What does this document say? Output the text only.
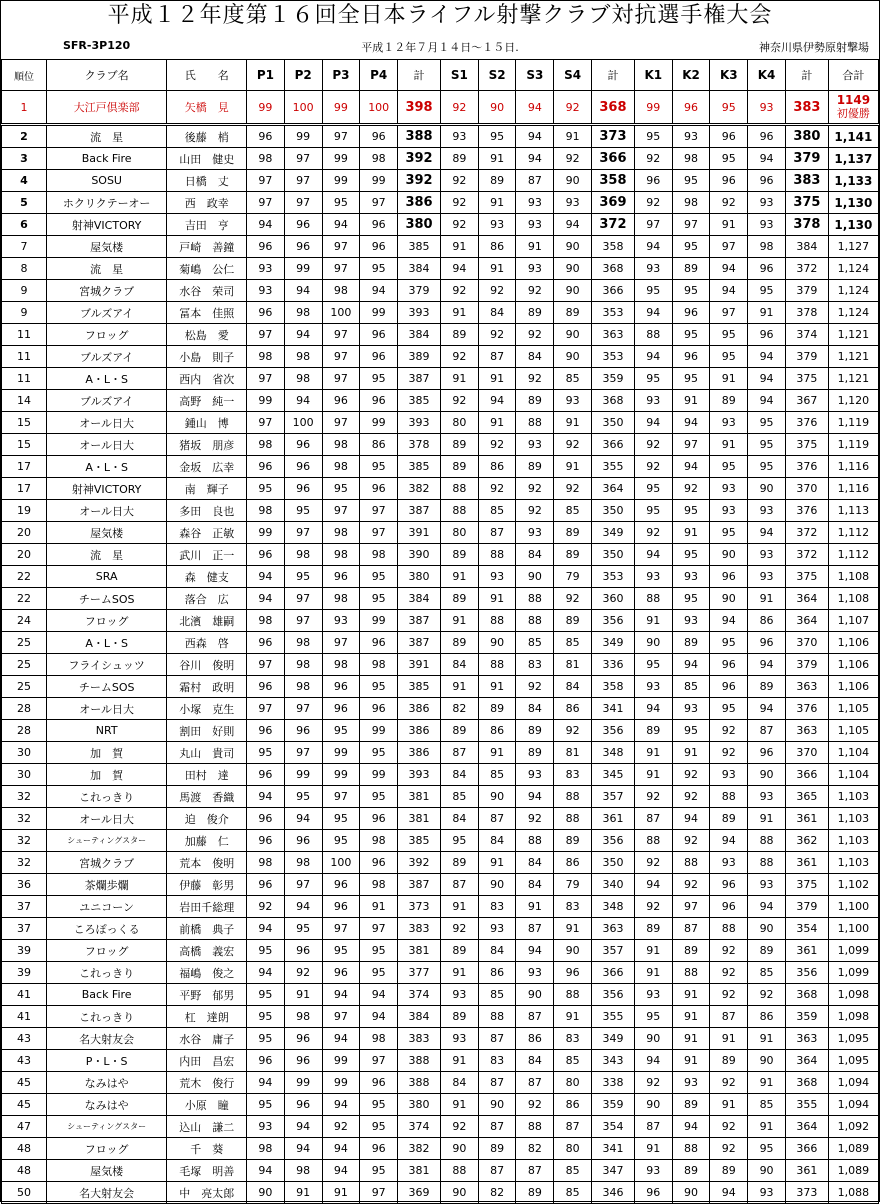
平成１２年度第１６回全日本ライフル射撃クラブ対抗選手権大会
SFR-3P120	平成１２年７月１４日～１５日.	神奈川県伊勢原射撃場
順位	クラブ名	氏　　名	P1	P2	P3	P4	計	S1	S2	S3	S4	計	K1	K2	K3	K4	計	合計
1	大江戸倶楽部	矢橋　見	99	100	99	100	398	92	90	94	92	368	99	96	95	93	383	1149
初優勝

2	流　星	後藤　梢	96	99	97	96	388	93	95	94	91	373	95	93	96	96	380	1,141
3	Back Fire	山田　健史	98	97	99	98	392	89	91	94	92	366	92	98	95	94	379	1,137
4	SOSU	日橋　丈	97	97	99	99	392	92	89	87	90	358	96	95	96	96	383	1,133
5	ホクリクテーオー	西　政幸	97	97	95	97	386	92	91	93	93	369	92	98	92	93	375	1,130
6	射神VICTORY	吉田　亨	94	96	94	96	380	92	93	93	94	372	97	97	91	93	378	1,130
7	屋気楼	戸崎　善鐘	96	96	97	96	385	91	86	91	90	358	94	95	97	98	384	1,127
8	流　星	菊嶋　公仁	93	99	97	95	384	94	91	93	90	368	93	89	94	96	372	1,124
9	宮城クラブ	水谷　荣司	93	94	98	94	379	92	92	92	90	366	95	95	94	95	379	1,124
9	ブルズアイ	冨本　佳照	96	98	100	99	393	91	84	89	89	353	94	96	97	91	378	1,124
11	フロッグ	松島　愛	97	94	97	96	384	89	92	92	90	363	88	95	95	96	374	1,121
11	ブルズアイ	小島　則子	98	98	97	96	389	92	87	84	90	353	94	96	95	94	379	1,121
11	A・L・S	西内　省次	97	98	97	95	387	91	91	92	85	359	95	95	91	94	375	1,121
14	ブルズアイ	高野　純一	99	94	96	96	385	92	94	89	93	368	93	91	89	94	367	1,120
15	オール日大	鍾山　博	97	100	97	99	393	80	91	88	91	350	94	94	93	95	376	1,119
15	オール日大	猪坂　朋彦	98	96	98	86	378	89	92	93	92	366	92	97	91	95	375	1,119
17	A・L・S	金坂　広幸	96	96	98	95	385	89	86	89	91	355	92	94	95	95	376	1,116
17	射神VICTORY	南　輝子	95	96	95	96	382	88	92	92	92	364	95	92	93	90	370	1,116
19	オール日大	多田　良也	98	95	97	97	387	88	85	92	85	350	95	95	93	93	376	1,113
20	屋気楼	森谷　正敏	99	97	98	97	391	80	87	93	89	349	92	91	95	94	372	1,112
20	流　星	武川　正一	96	98	98	98	390	89	88	84	89	350	94	95	90	93	372	1,112
22	SRA	森　健支	94	95	96	95	380	91	93	90	79	353	93	93	96	93	375	1,108
22	チームSOS	落合　広	94	97	98	95	384	89	91	88	92	360	88	95	90	91	364	1,108
24	フロッグ	北濱　雄嗣	98	97	93	99	387	91	88	88	89	356	91	93	94	86	364	1,107
25	A・L・S	西森　啓	96	98	97	96	387	89	90	85	85	349	90	89	95	96	370	1,106
25	フライシュッツ	谷川　俊明	97	98	98	98	391	84	88	83	81	336	95	94	96	94	379	1,106
25	チームSOS	霜村　政明	96	98	96	95	385	91	91	92	84	358	93	85	96	89	363	1,106
28	オール日大	小塚　克生	97	97	96	96	386	82	89	84	86	341	94	93	95	94	376	1,105
28	NRT	割田　好則	96	96	95	99	386	89	86	89	92	356	89	95	92	87	363	1,105
30	加　賀	丸山　貴司	95	97	99	95	386	87	91	89	81	348	91	91	92	96	370	1,104
30	加　賀	田村　達	96	99	99	99	393	84	85	93	83	345	91	92	93	90	366	1,104
32	これっきり	馬渡　香織	94	95	97	95	381	85	90	94	88	357	92	92	88	93	365	1,103
32	オール日大	迫　俊介	96	94	95	96	381	84	87	92	88	361	87	94	89	91	361	1,103
32	シューティングスター	加藤　仁	96	96	95	98	385	95	84	88	89	356	88	92	94	88	362	1,103
32	宮城クラブ	荒本　俊明	98	98	100	96	392	89	91	84	86	350	92	88	93	88	361	1,103
36	茶爛歩爛	伊藤　彰男	96	97	96	98	387	87	90	84	79	340	94	92	96	93	375	1,102
37	ユニコーン	岩田千総理	92	94	96	91	373	91	83	91	83	348	92	97	96	94	379	1,100
37	ころぽっくる	前橋　典子	94	95	97	97	383	92	93	87	91	363	89	87	88	90	354	1,100
39	フロッグ	高橋　義宏	95	96	95	95	381	89	84	94	90	357	91	89	92	89	361	1,099
39	これっきり	福嶋　俊之	94	92	96	95	377	91	86	93	96	366	91	88	92	85	356	1,099
41	Back Fire	平野　郁男	95	91	94	94	374	93	85	90	88	356	93	91	92	92	368	1,098
41	これっきり	杠　達朗	95	98	97	94	384	89	88	87	91	355	95	91	87	86	359	1,098
43	名大射友会	水谷　庸子	95	96	94	98	383	93	87	86	83	349	90	91	91	91	363	1,095
43	P・L・S	内田　昌宏	96	96	99	97	388	91	83	84	85	343	94	91	89	90	364	1,095
45	なみはや	荒木　俊行	94	99	99	96	388	84	87	87	80	338	92	93	92	91	368	1,094
45	なみはや	小原　瞳	95	96	94	95	380	91	90	92	86	359	90	89	91	85	355	1,094
47	シューティングスター	込山　謙二	93	94	92	95	374	92	87	88	87	354	87	94	92	91	364	1,092
48	フロッグ	千　葵	98	94	94	96	382	90	89	82	80	341	91	88	92	95	366	1,089
48	屋気楼	毛塚　明善	94	98	94	95	381	88	87	87	85	347	93	89	89	90	361	1,089
50	名大射友会	中　亮太郎	90	91	91	97	369	90	82	89	85	346	96	90	94	93	373	1,088
